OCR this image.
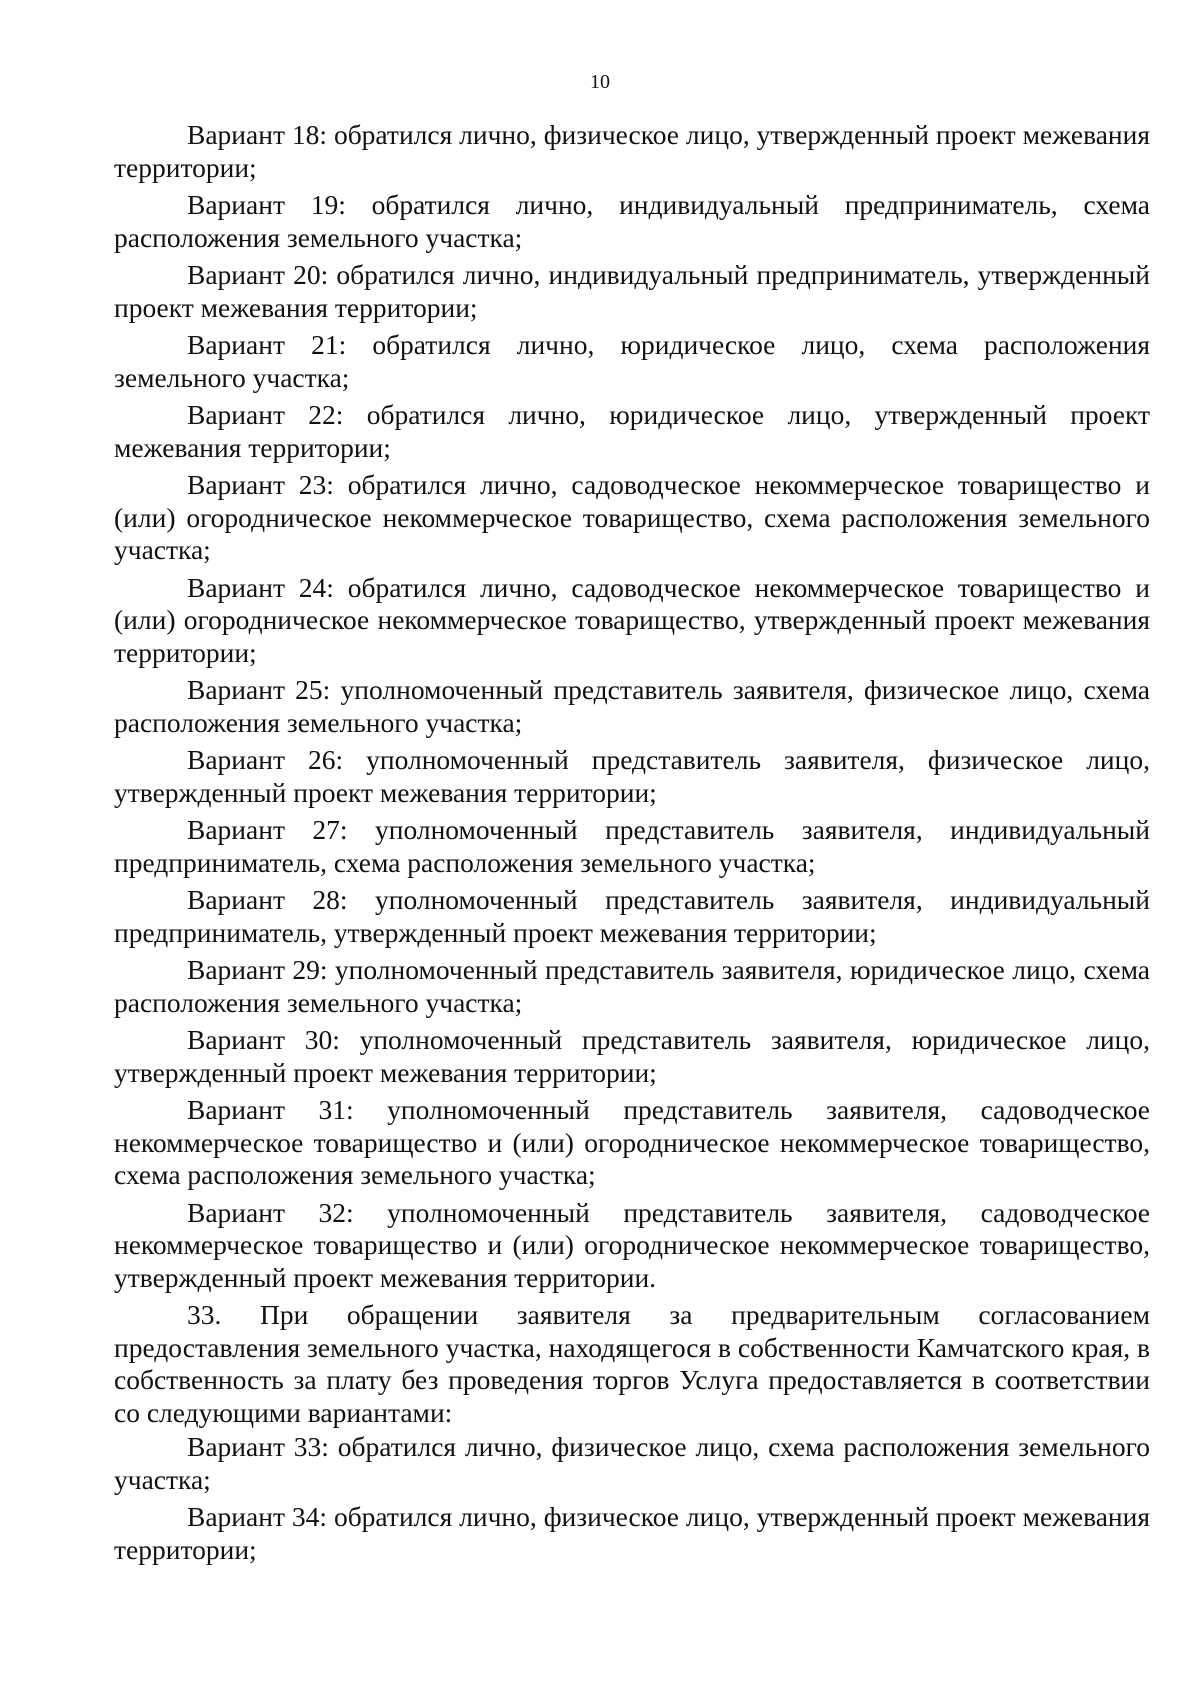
10

Вариант 18: обратился лично, физическое лицо, утвержденный проект межевания территории;

Вариант 19: обратился лично, индивидуальный предприниматель, схема расположения земельного участка;

Вариант 20: обратился лично, индивидуальный предприниматель, утвержденный проект межевания территории;

Вариант 21: обратился лично, юридическое лицо, схема расположения земельного участка;

Вариант 22: обратился лично, юридическое лицо, утвержденный проект межевания территории;

Вариант 23: обратился лично, садоводческое некоммерческое товарищество и (или) огородническое некоммерческое товарищество, схема расположения земельного участка;

Вариант 24: обратился лично, садоводческое некоммерческое товарищество и (или) огородническое некоммерческое товарищество, утвержденный проект межевания территории;

Вариант 25: уполномоченный представитель заявителя, физическое лицо, схема расположения земельного участка;

Вариант 26: уполномоченный представитель заявителя, физическое лицо, утвержденный проект межевания территории;

Вариант 27: уполномоченный представитель заявителя, индивидуальный предприниматель, схема расположения земельного участка;

Вариант 28: уполномоченный представитель заявителя, индивидуальный предприниматель, утвержденный проект межевания территории;

Вариант 29: уполномоченный представитель заявителя, юридическое лицо, схема расположения земельного участка;

Вариант 30: уполномоченный представитель заявителя, юридическое лицо, утвержденный проект межевания территории;

Вариант 31: уполномоченный представитель заявителя, садоводческое некоммерческое товарищество и (или) огородническое некоммерческое товарищество, схема расположения земельного участка;

Вариант 32: уполномоченный представитель заявителя, садоводческое некоммерческое товарищество и (или) огородническое некоммерческое товарищество, утвержденный проект межевания территории.

33. При обращении заявителя за предварительным согласованием предоставления земельного участка, находящегося в собственности Камчатского края, в собственность за плату без проведения торгов Услуга предоставляется в соответствии со следующими вариантами:

Вариант 33: обратился лично, физическое лицо, схема расположения земельного участка;

Вариант 34: обратился лично, физическое лицо, утвержденный проект межевания территории;
